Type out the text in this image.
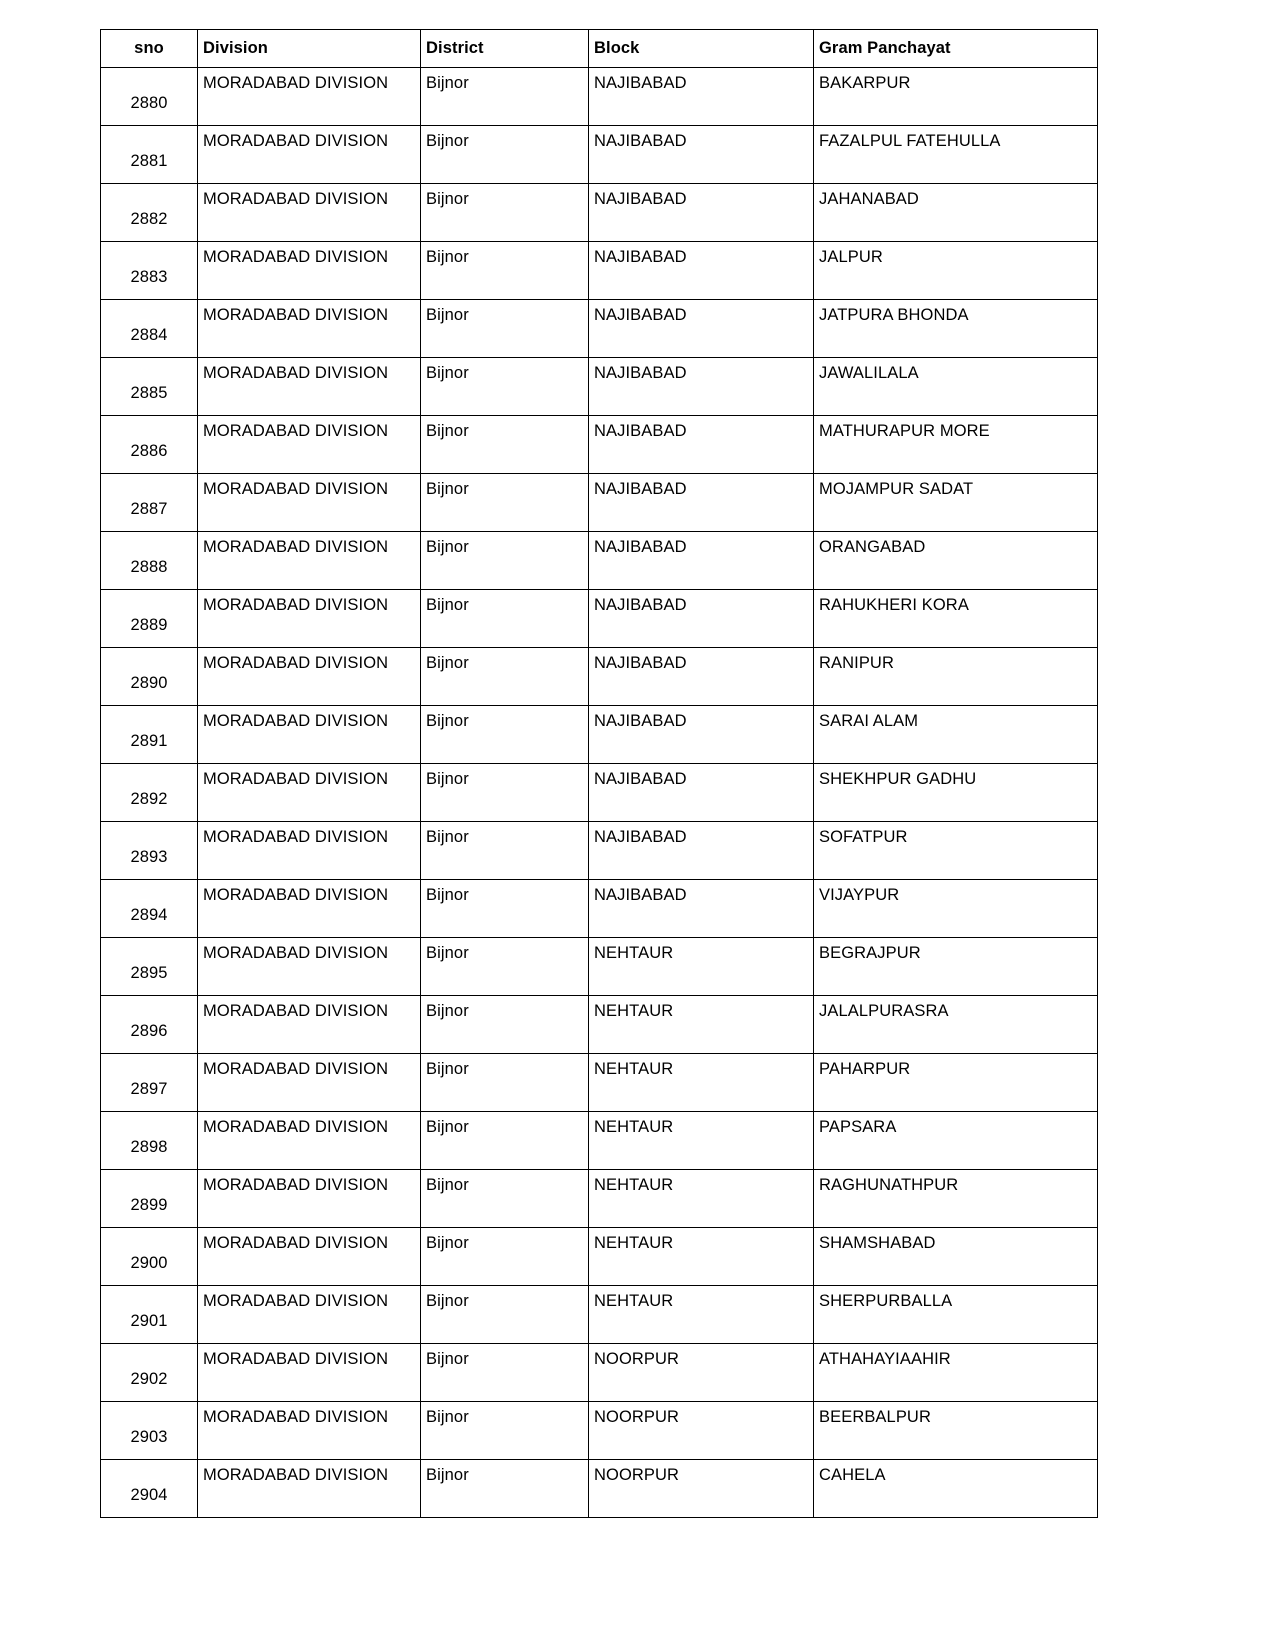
sno	Division	District	Block	Gram Panchayat

2880	MORADABAD DIVISION	Bijnor	NAJIBABAD	BAKARPUR

2881	MORADABAD DIVISION	Bijnor	NAJIBABAD	FAZALPUL FATEHULLA

2882	MORADABAD DIVISION	Bijnor	NAJIBABAD	JAHANABAD

2883	MORADABAD DIVISION	Bijnor	NAJIBABAD	JALPUR

2884	MORADABAD DIVISION	Bijnor	NAJIBABAD	JATPURA BHONDA

2885	MORADABAD DIVISION	Bijnor	NAJIBABAD	JAWALILALA

2886	MORADABAD DIVISION	Bijnor	NAJIBABAD	MATHURAPUR MORE

2887	MORADABAD DIVISION	Bijnor	NAJIBABAD	MOJAMPUR SADAT

2888	MORADABAD DIVISION	Bijnor	NAJIBABAD	ORANGABAD

2889	MORADABAD DIVISION	Bijnor	NAJIBABAD	RAHUKHERI KORA

2890	MORADABAD DIVISION	Bijnor	NAJIBABAD	RANIPUR

2891	MORADABAD DIVISION	Bijnor	NAJIBABAD	SARAI ALAM

2892	MORADABAD DIVISION	Bijnor	NAJIBABAD	SHEKHPUR GADHU

2893	MORADABAD DIVISION	Bijnor	NAJIBABAD	SOFATPUR

2894	MORADABAD DIVISION	Bijnor	NAJIBABAD	VIJAYPUR

2895	MORADABAD DIVISION	Bijnor	NEHTAUR	BEGRAJPUR

2896	MORADABAD DIVISION	Bijnor	NEHTAUR	JALALPURASRA

2897	MORADABAD DIVISION	Bijnor	NEHTAUR	PAHARPUR

2898	MORADABAD DIVISION	Bijnor	NEHTAUR	PAPSARA

2899	MORADABAD DIVISION	Bijnor	NEHTAUR	RAGHUNATHPUR

2900	MORADABAD DIVISION	Bijnor	NEHTAUR	SHAMSHABAD

2901	MORADABAD DIVISION	Bijnor	NEHTAUR	SHERPURBALLA

2902	MORADABAD DIVISION	Bijnor	NOORPUR	ATHAHAYIAAHIR

2903	MORADABAD DIVISION	Bijnor	NOORPUR	BEERBALPUR

2904	MORADABAD DIVISION	Bijnor	NOORPUR	CAHELA
